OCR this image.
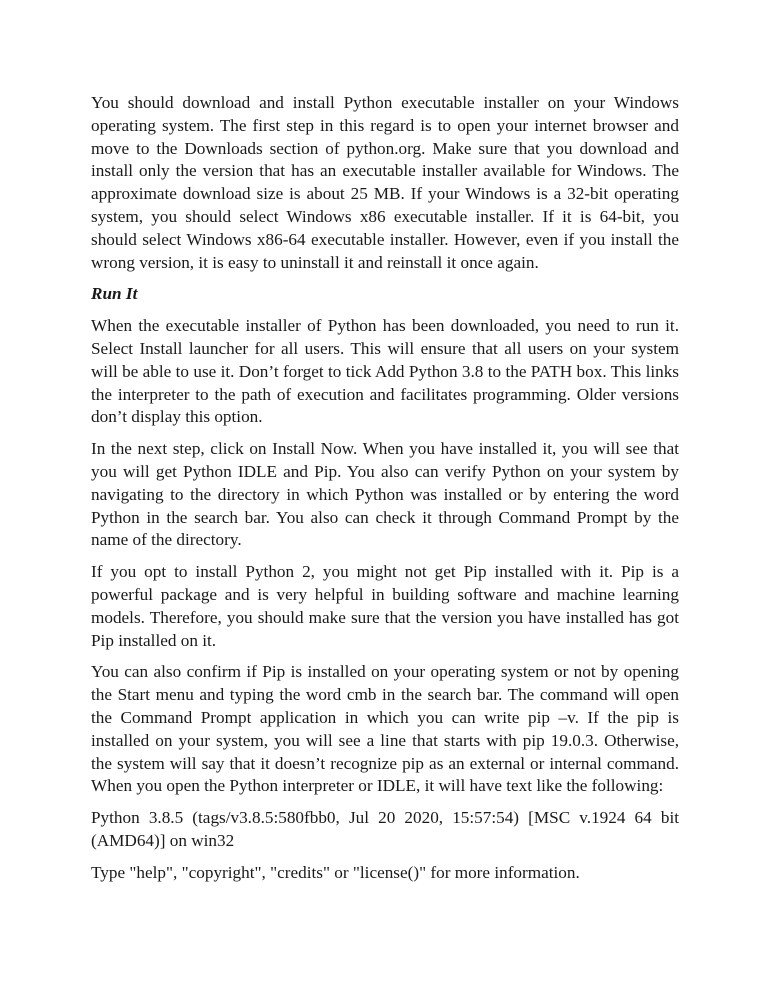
You should download and install Python executable installer on your Windows operating system. The first step in this regard is to open your internet browser and move to the Downloads section of python.org. Make sure that you download and install only the version that has an executable installer available for Windows. The approximate download size is about 25 MB. If your Windows is a 32-bit operating system, you should select Windows x86 executable installer. If it is 64-bit, you should select Windows x86-64 executable installer. However, even if you install the wrong version, it is easy to uninstall it and reinstall it once again.

Run It

When the executable installer of Python has been downloaded, you need to run it. Select Install launcher for all users. This will ensure that all users on your system will be able to use it. Don’t forget to tick Add Python 3.8 to the PATH box. This links the interpreter to the path of execution and facilitates programming. Older versions don’t display this option.

In the next step, click on Install Now. When you have installed it, you will see that you will get Python IDLE and Pip. You also can verify Python on your system by navigating to the directory in which Python was installed or by entering the word Python in the search bar. You also can check it through Command Prompt by the name of the directory.

If you opt to install Python 2, you might not get Pip installed with it. Pip is a powerful package and is very helpful in building software and machine learning models. Therefore, you should make sure that the version you have installed has got Pip installed on it.

You can also confirm if Pip is installed on your operating system or not by opening the Start menu and typing the word cmb in the search bar. The command will open the Command Prompt application in which you can write pip –v. If the pip is installed on your system, you will see a line that starts with pip 19.0.3. Otherwise, the system will say that it doesn’t recognize pip as an external or internal command. When you open the Python interpreter or IDLE, it will have text like the following:

Python 3.8.5 (tags/v3.8.5:580fbb0, Jul 20 2020, 15:57:54) [MSC v.1924 64 bit (AMD64)] on win32

Type "help", "copyright", "credits" or "license()" for more information.
